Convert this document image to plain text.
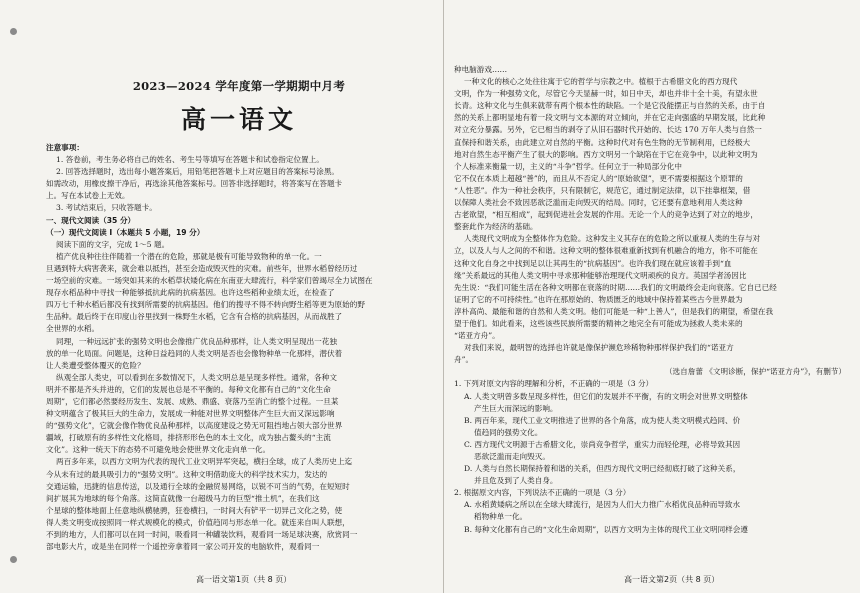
2023—2024 学年度第一学期期中月考
高一语文

注意事项：

1. 答卷前，考生务必将自己的姓名、考生号等填写在答题卡和试卷指定位置上。

2. 回答选择题时，选出每小题答案后，用铅笔把答题卡上对应题目的答案标号涂黑。

如需改动，用橡皮擦干净后，再选涂其他答案标号。回答非选择题时，将答案写在答题卡

上。写在本试卷上无效。

3. 考试结束后，只收答题卡。

一、现代文阅读（35 分）

（一）现代文阅读 I（本题共 5 小题，19 分）

阅读下面的文字，完成 1～5 题。

植产优良种往往伴随着一个潜在的危险，那就是极有可能导致物种的单一化。一

旦遇到特大病害袭来，就会难以抵挡，甚至会造成毁灭性的灾难。前些年，世界水稻曾经历过

一场空前的灾难。一场突如其来的水稻草状矮化病在东南亚大肆流行，科学家们曾竭尽全力试图在

现存水稻品种中寻找一种能够抵抗此病的抗病基因。也许这些稻种业绩太近，在检查了

四万七千种水稻后都没有找到所需要的抗病基因。他们的搜寻不得不转向野生稻等更为原始的野

生品种。最后终于在印度山谷里找到一株野生水稻，它含有合格的抗病基因，从而战胜了

全世界的水稻。

同理，一种远远扩张的强势文明也会像推广优良品种那样，让人类文明呈现出一花独

放的单一化局面。问题是，这种日益趋同的人类文明是否也会像物种单一化那样，潜伏着

让人类遭受整体覆灭的危险？

纵观全部人类史，可以看到在多数情况下，人类文明总是呈现多样性。通常，各种文

明并不都是齐头并进的，它们的发展也总是不平衡的。每种文化都有自己的“文化生命

周期”，它们都必然要经历发生、发展、成熟、鼎盛、衰落乃至消亡的整个过程。一旦某

种文明蕴含了极其巨大的生命力，发展成一种能对世界文明整体产生巨大而又深远影响

的“强势文化”，它就会像作物优良品种那样，以高度建设之势无可阻挡地占领大部分世界

疆域，打破原有的多样性文化格局，排挤形形色色的本土文化，成为独占鳌头的“主流

文化”。这种一统天下的态势不可避免地会使世界文化走向单一化。

两百多年来，以西方文明为代表的现代工业文明异军突起，横扫全球，成了人类历史上迄

今从未有过的最具吸引力的“强势文明”。这种文明借助庞大的科学技术实力，发达的

交通运输，迅捷的信息传送，以及通行全球的金融贸易网络，以锐不可当的气势，在短短时

间扩展其为地球的每个角落。这简直就像一台超级马力的巨型“推土机”，在我们这

个星球的整体地面上任意地纵横驰骋，狂卷横扫，一时间大有铲平一切异己文化之势，使

得人类文明变成按照同一样式规模化的模式，价值趋同与形态单一化。就连来自叫人联想，

不到的地方，人们都可以在同一时间，吸看同一种罐装饮料，观看同一场足球决赛，欣赏同一

部电影大片，或是坐在同样一个遥控旁拿着同一家公司开发的电脑软件，观看同一

高一语文第1页（共 8 页）

种电脑游戏……

一种文化的核心之处往往寓于它的哲学与宗教之中。植根于古希腊文化的西方现代

文明，作为一种强势文化，尽管它今天显赫一时，如日中天，却也并非十全十美，有望永世

长青。这种文化与生俱来就带有两个根本性的缺陷。一个是它没能摆正与自然的关系，由于自

然的关系上都明显地有着一段文明与文本源的对立倾向，并在它走向强盛的早期发展，比此种

对立充分暴露。另外，它已相当的剥夺了从旧石器时代开始的、长达 170 万年人类与自然一

直保持和谐关系，由此建立对自然的平衡。这种时代对有色生物的无节制利用，已经极大

地对自然生态平衡产生了很大的影响。西方文明另一个缺陷在于它在竞争中，以此种文明为

个人标准来衡量一切，主义的“斗争”哲学。任何立于一种局部分化中

它不仅在本质上超越“善”的，而且从不否定人的“原始欲望”，更不需要根据这个原罪的

“人性恶”。作为一种社会秩序，只有限制它，规范它，通过制定法律，以下挂靠框架，借

以保障人类社会不致因恶欲泛滥而走向毁灭的结局。同时，它还要有意地利用人类这种

古老欲望，“相互相成”，起到促进社会发展的作用。无论一个人的竞争达到了对立的地步，

整套此作为经济的基础。

人类现代文明成为全整体作为危险。这种发主义其存在的危险之所以重视人类的生存与对

立，以及人与人之间的不和谐。这种文明的整体很难重新找到有机融合的地方，你不可能在

这种文化自身之中找到足以让其再生的“抗病基因”。也许我们现在就应该着手到“血

缘”关系最远的其他人类文明中寻求那种能够治理现代文明顽疾的良方。英国学者汤因比

先生说：“我们可能生活在各种文明都在衰落的时期……我们的文明最终会走向衰落。它自已已经

证明了它的不可持续性。”也许在那原始的、物质匮乏的地域中保持着某些古今世界最为

淳朴高尚、最能和谐的自然和人类文明。他们可能是一种“上善人”，但是我们的期望，希望在我

望于他们。如此看来，这些该些民族所需要的精神之地完全有可能成为拯救人类未来的

“诺亚方舟”。

对我们来说，最明智的选择也许就是像保护濒危珍稀物种那样保护我们的“诺亚方

舟”。

（选自詹蕾 《文明诊断，保护“诺亚方舟”》，有删节）

1. 下列对原文内容的理解和分析，不正确的一项是（3 分）

A. 人类文明曾多数呈现多样性，但它们的发展并不平衡，有的文明会对世界文明整体

产生巨大而深远的影响。

B. 两百年来，现代工业文明推进了世界的各个角落，成为使人类文明模式趋同、价

值趋同的强势文化。

C. 西方现代文明源于古希腊文化，崇尚竞争哲学，重实力而轻伦理，必将导致其因

恶欲泛滥而走向毁灭。

D. 人类与自然长期保持着和谐的关系，但西方现代文明已经彻底打破了这种关系，

并且危及到了人类自身。

2. 根据原文内容，下列说法不正确的一项是（3 分）

A. 水稻黄矮病之所以在全球大肆流行，是因为人们大力推广水稻优良品种而导致水

稻物种单一化。

B. 每种文化都有自己的“文化生命周期”，以西方文明为主体的现代工业文明同样会遵

高一语文第2页（共 8 页）
